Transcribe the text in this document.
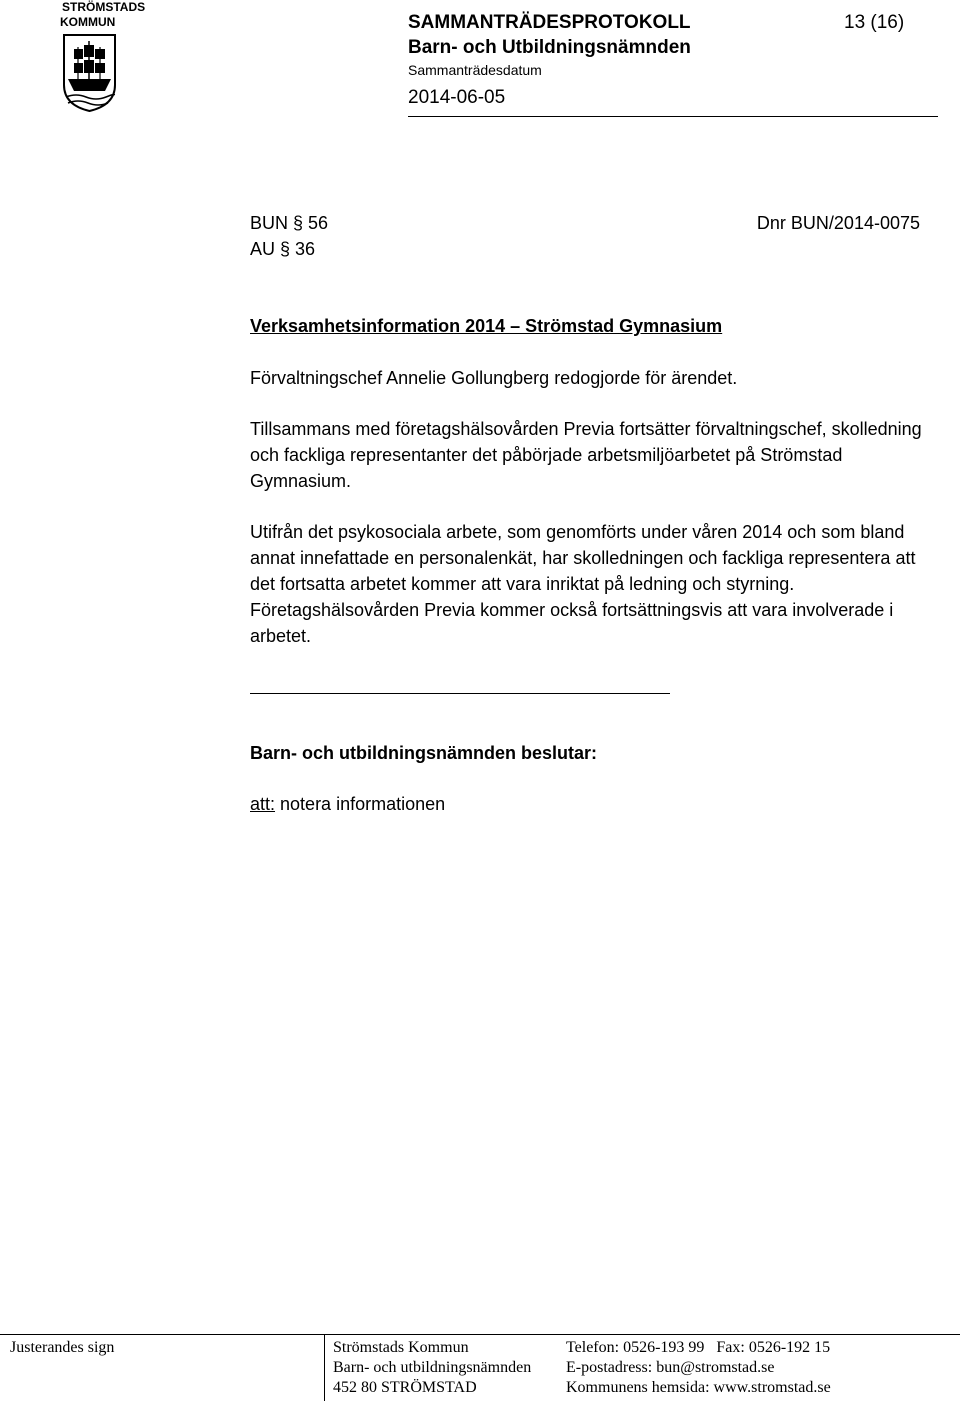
STRÖMSTADS
KOMMUN	SAMMANTRÄDESPROTOKOLL
Barn- och Utbildningsnämnden
Sammanträdesdatum
2014-06-05
13 (16)
BUN § 56
AU § 36
Dnr BUN/2014-0075
Verksamhetsinformation 2014 – Strömstad Gymnasium
Förvaltningschef Annelie Gollungberg redogjorde för ärendet.
Tillsammans med företagshälsovården Previa fortsätter förvaltningschef, skolledning och fackliga representanter det påbörjade arbetsmiljöarbetet på Strömstad Gymnasium.
Utifrån det psykosociala arbete, som genomförts under våren 2014 och som bland annat innefattade en personalenkät, har skolledningen och fackliga representera att det fortsatta arbetet kommer att vara inriktat på ledning och styrning. Företagshälsovården Previa kommer också fortsättningsvis att vara involverade i arbetet.
Barn- och utbildningsnämnden beslutar:
att: notera informationen
Justerandes sign	Strömstads Kommun
Barn- och utbildningsnämnden
452 80 STRÖMSTAD
Telefon: 0526-193 99   Fax: 0526-192 15
E-postadress: bun@stromstad.se
Kommunens hemsida: www.stromstad.se
